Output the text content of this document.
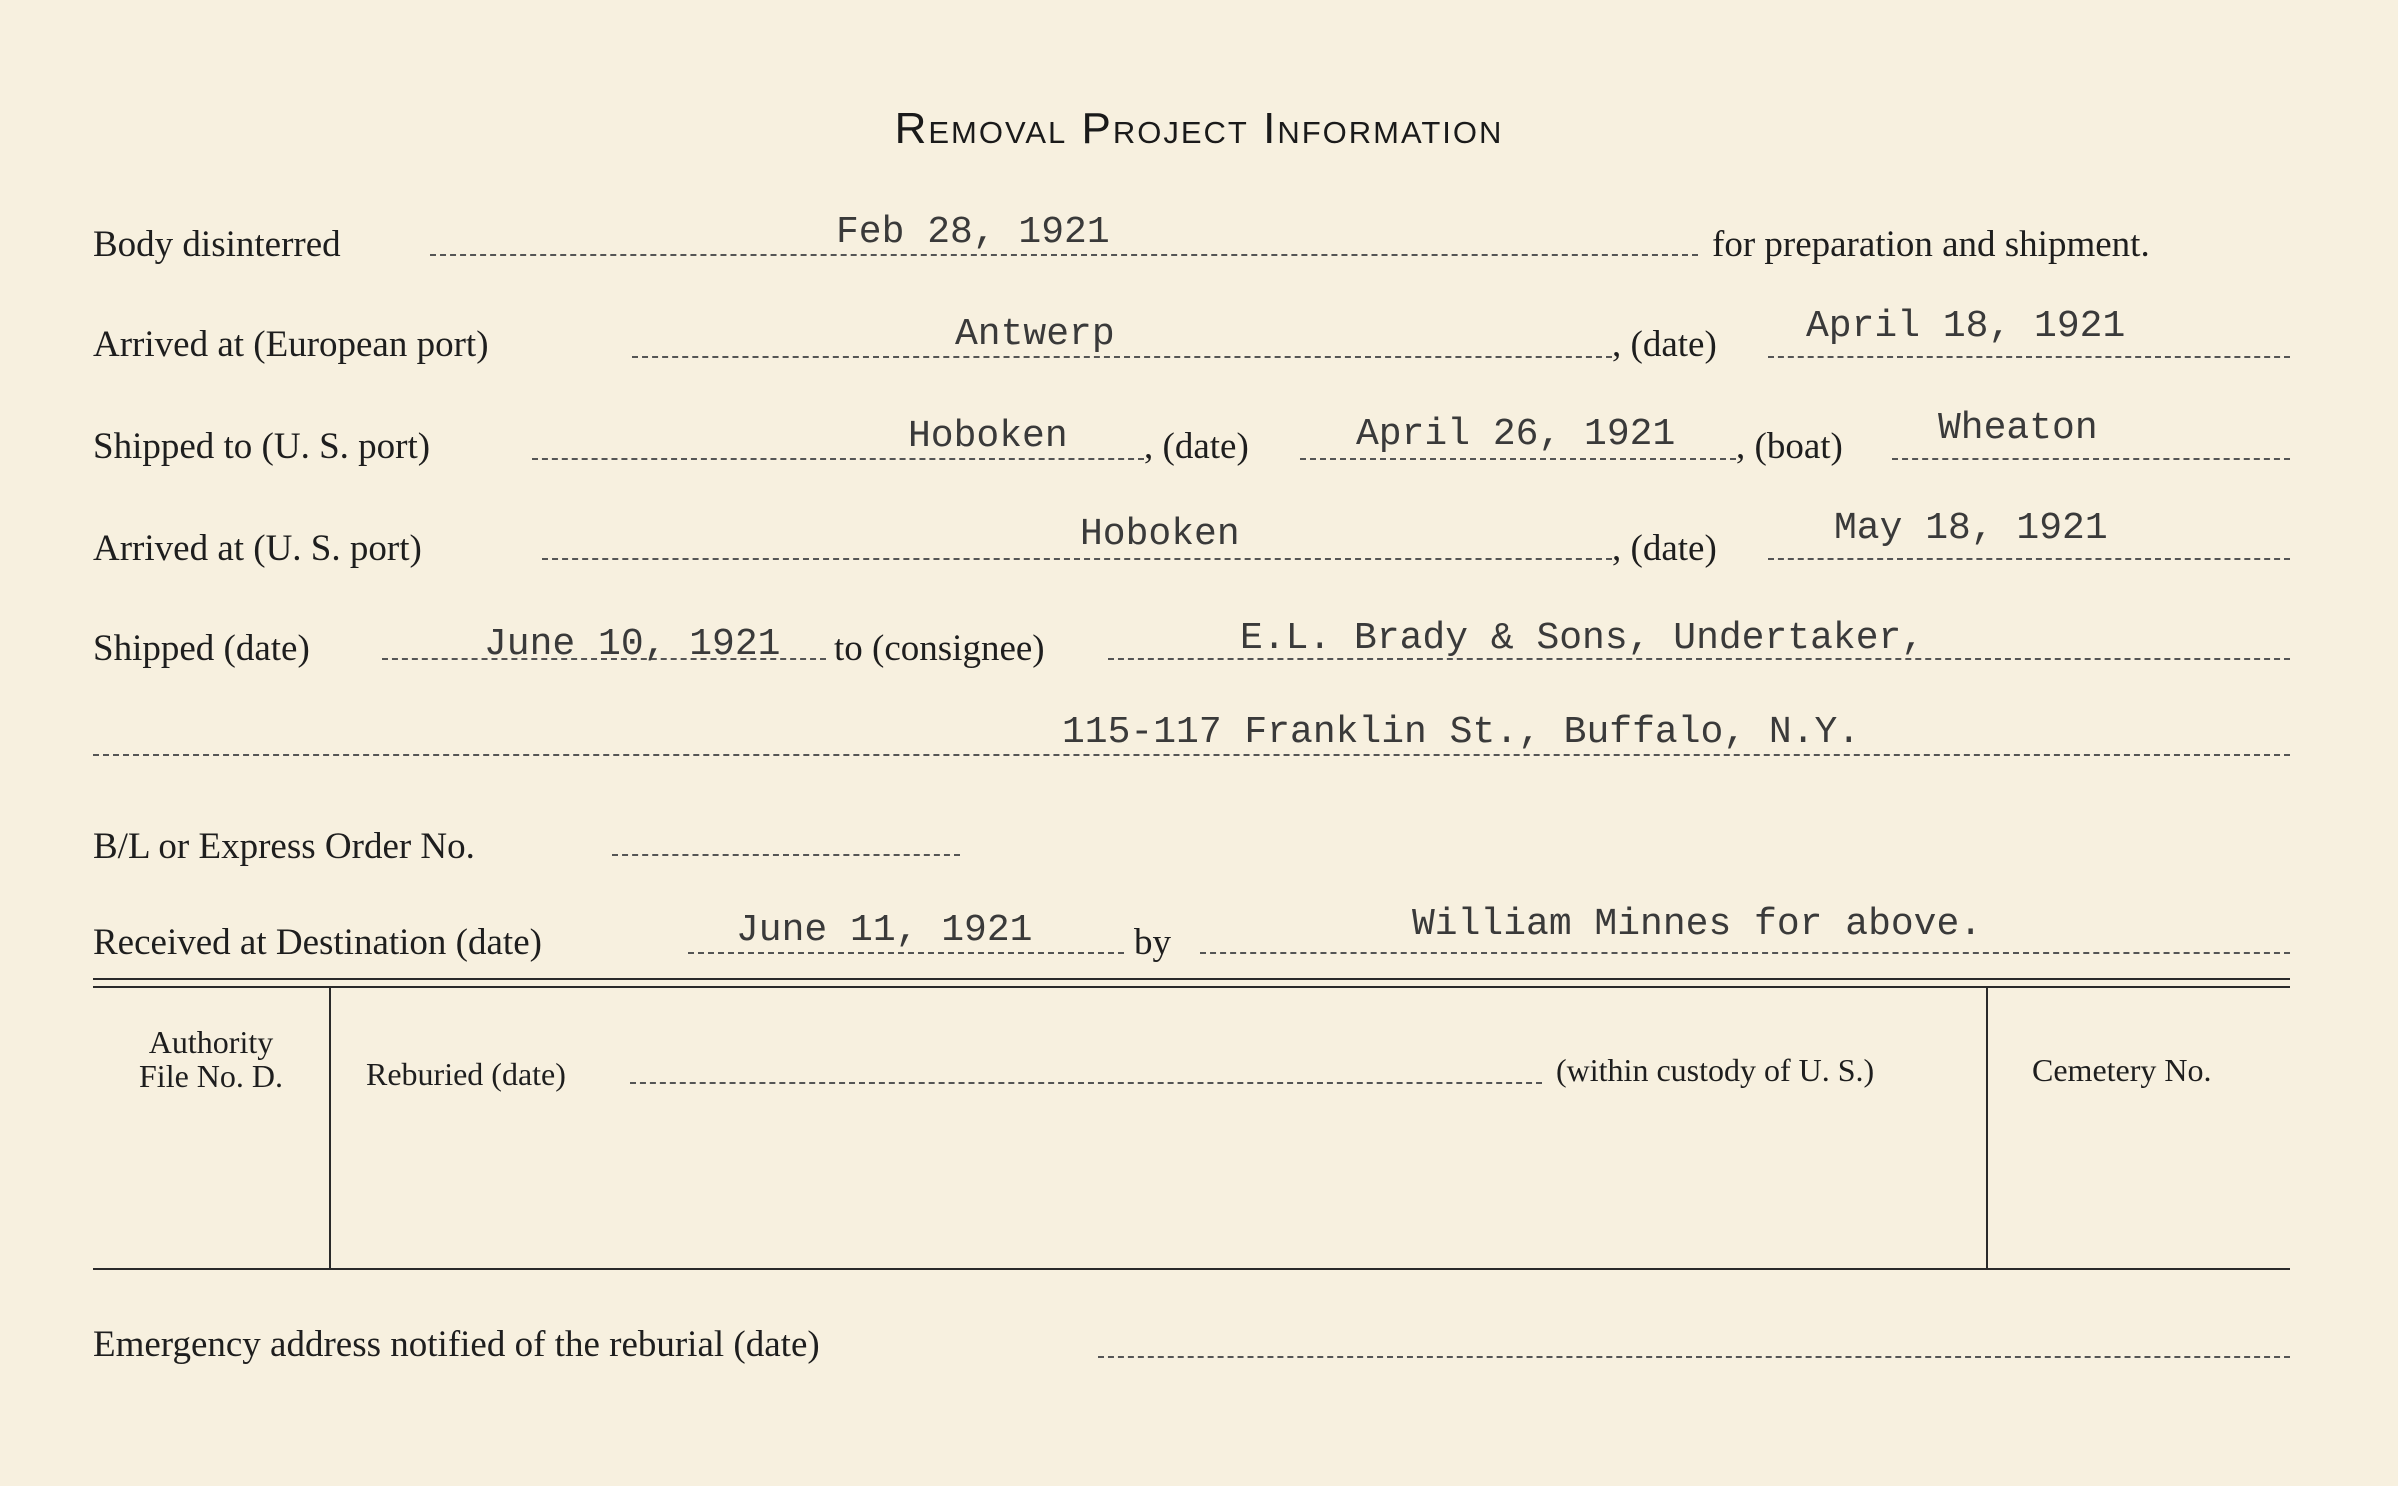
Removal Project Information
Body disinterred	Feb 28, 1921	for preparation and shipment.
Arrived at (European port)	Antwerp	, (date) April 18, 1921
Shipped to (U. S. port)	Hoboken , (date)	April 26, 1921 , (boat)	Wheaton
Arrived at (U. S. port)	Hoboken	, (date)	May 18, 1921
Shipped (date)	June 10, 1921 to (consignee)	E.L. Brady & Sons, Undertaker,
115-117 Franklin St., Buffalo, N.Y.
B/L or Express Order No.
Received at Destination (date)	June 11, 1921	by	William Minnes for above.
Authority
File No. D.	Reburied (date)	(within custody of U. S.)	Cemetery No.
Emergency address notified of the reburial (date)
